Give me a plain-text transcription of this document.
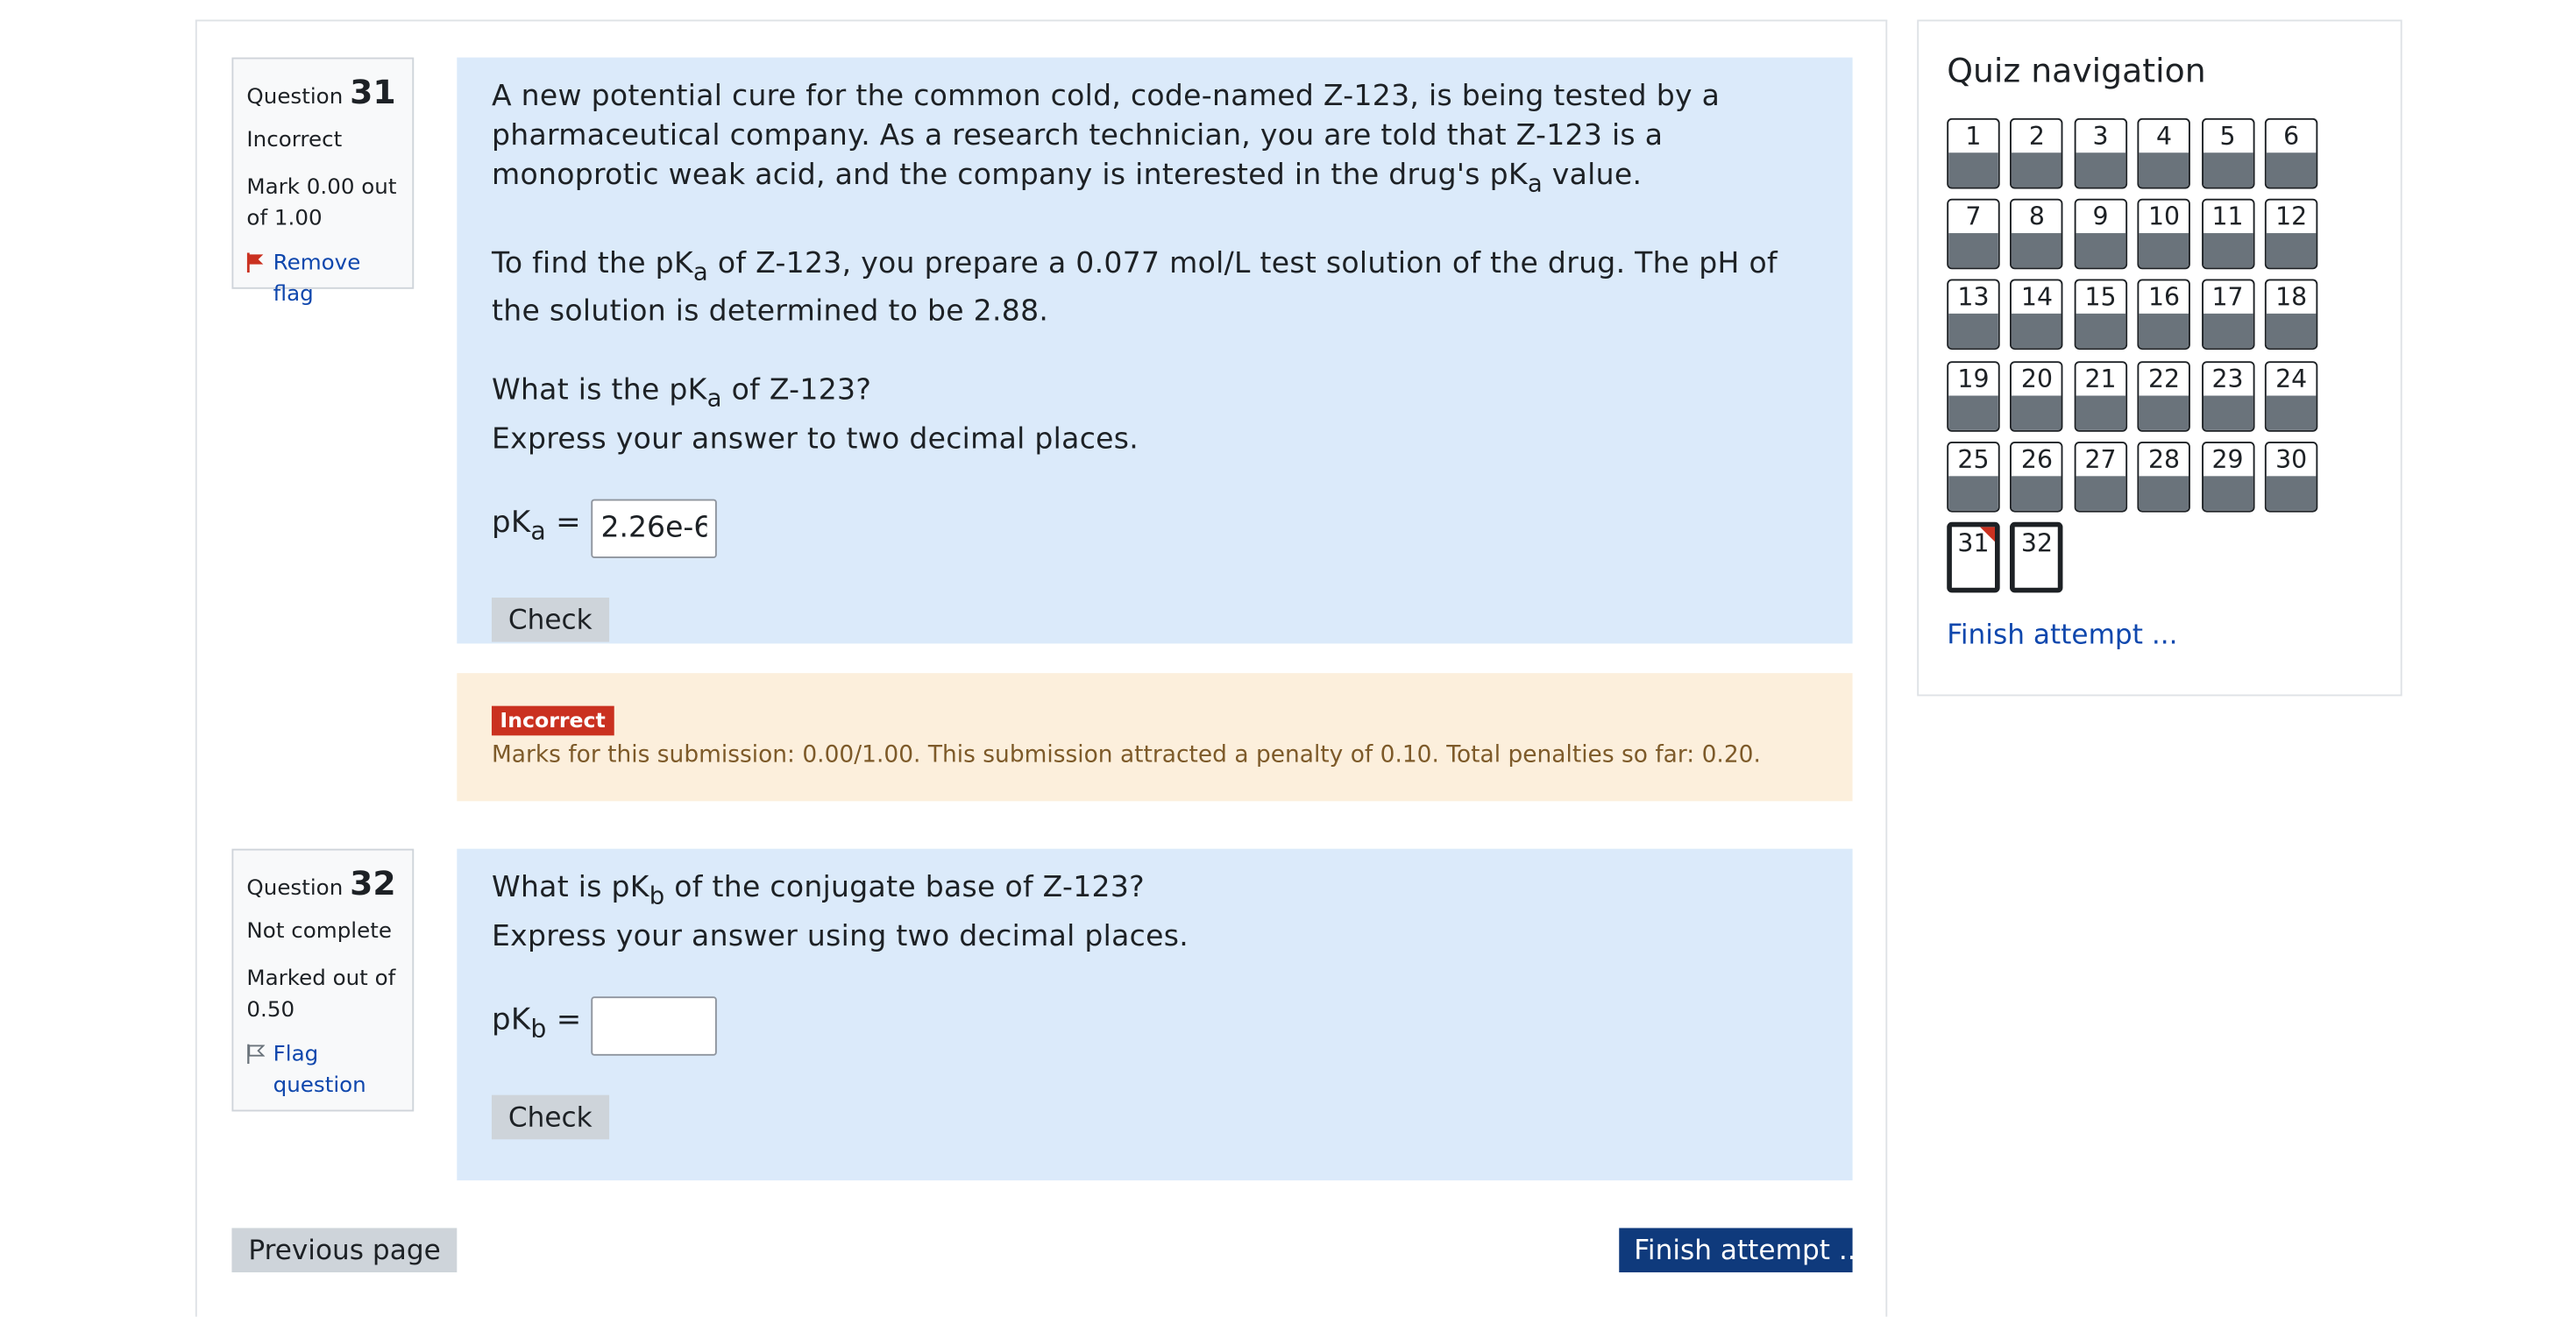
Question 31
Incorrect
Mark 0.00 out of 1.00
Remove flag

A new potential cure for the common cold, code-named Z-123, is being tested by a pharmaceutical company. As a research technician, you are told that Z-123 is a monoprotic weak acid, and the company is interested in the drug's $pK_a$ value.

To find the $pK_a$ of Z-123, you prepare a 0.077 mol/L test solution of the drug. The pH of the solution is determined to be 2.88.

What is the $pK_a$ of Z-123?

Express your answer to two decimal places.

$pK_a$ =
2.26e-6
Check
Incorrect
Marks for this submission: 0.00/1.00. This submission attracted a penalty of 0.10. Total penalties so far: 0.20.
Question 32
Not complete
Marked out of 0.50
Flag question

What is $pK_b$ of the conjugate base of Z-123?

Express your answer using two decimal places.

$pK_b$ =
Check
Previous page	Finish attempt ...
Quiz navigation
1	2	3	4	5	6
7	8	9	10	11	12
13	14	15	16	17	18
19	20	21	22	23	24
25	26	27	28	29	30
31	32
Finish attempt ...
